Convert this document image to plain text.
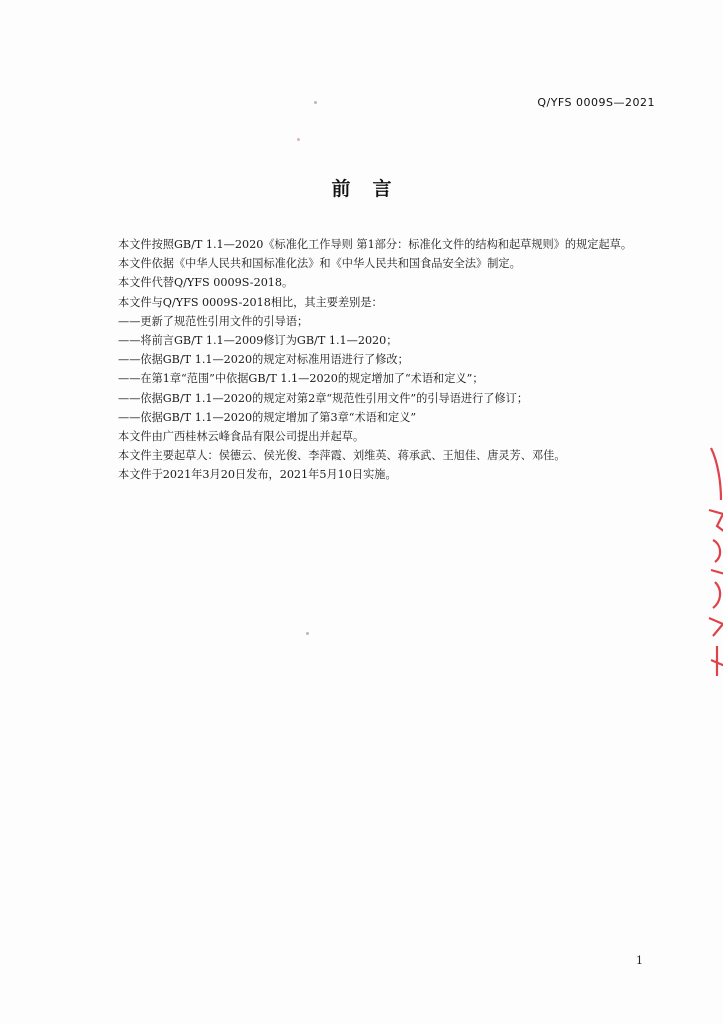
Q/YFS 0009S—2021
前言

本文件按照GB/T 1.1—2020《标准化工作导则 第1部分：标准化文件的结构和起草规则》的规定起草。

本文件依据《中华人民共和国标准化法》和《中华人民共和国食品安全法》制定。

本文件代替Q/YFS 0009S-2018。

本文件与Q/YFS 0009S-2018相比，其主要差别是：

——更新了规范性引用文件的引导语；

——将前言GB/T 1.1—2009修订为GB/T 1.1—2020；

——依据GB/T 1.1—2020的规定对标准用语进行了修改；

——在第1章“范围”中依据GB/T 1.1—2020的规定增加了“术语和定义”；

——依据GB/T 1.1—2020的规定对第2章“规范性引用文件”的引导语进行了修订；

——依据GB/T 1.1—2020的规定增加了第3章“术语和定义”

本文件由广西桂林云峰食品有限公司提出并起草。

本文件主要起草人：侯德云、侯光俊、李萍霞、刘维英、蒋承武、王旭佳、唐灵芳、邓佳。

本文件于2021年3月20日发布，2021年5月10日实施。

1
